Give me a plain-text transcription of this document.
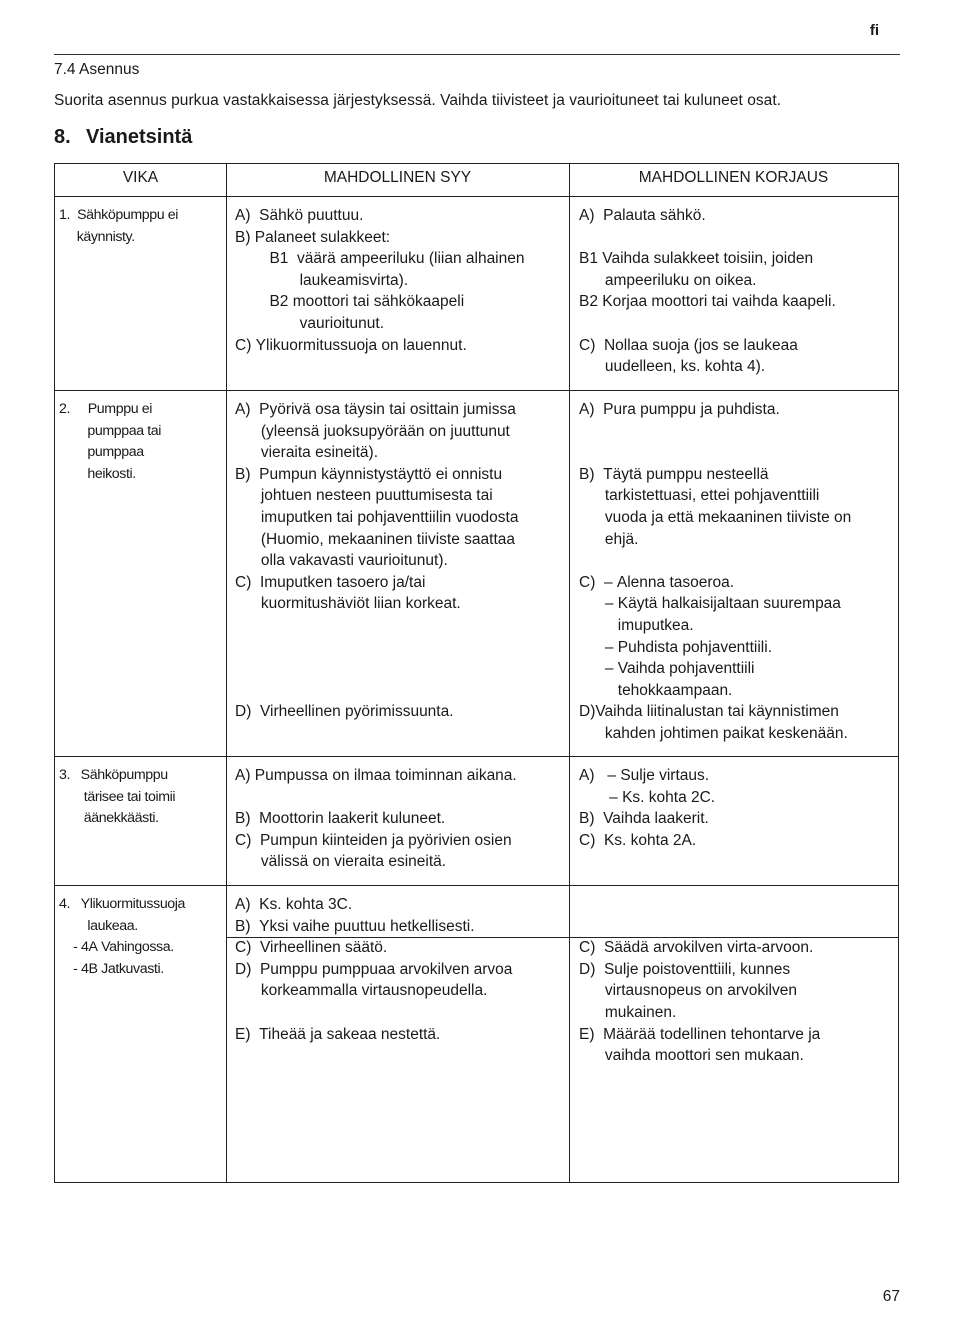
fi
7.4 Asennus
Suorita asennus purkua vastakkaisessa järjestyksessä. Vaihda tiivisteet ja vaurioituneet tai kuluneet osat.
8. Vianetsintä
VIKA	MAHDOLLINEN SYY	MAHDOLLINEN KORJAUS
1.  Sähköpumppu ei
käynnisty.
A)  Sähkö puuttuu.
B) Palaneet sulakkeet:
B1  väärä ampeeriluku (liian alhainen
laukeamisvirta).
B2 moottori tai sähkökaapeli
vaurioitunut.
C) Ylikuormitussuoja on lauennut.
A)  Palauta sähkö.
B1 Vaihda sulakkeet toisiin, joiden
ampeeriluku on oikea.
B2 Korjaa moottori tai vaihda kaapeli.
C)  Nollaa suoja (jos se laukeaa
uudelleen, ks. kohta 4).
2.     Pumppu ei
pumppaa tai
pumppaa
heikosti.
A)  Pyörivä osa täysin tai osittain jumissa
(yleensä juoksupyörään on juuttunut
vieraita esineitä).
B)  Pumpun käynnistystäyttö ei onnistu
johtuen nesteen puuttumisesta tai
imuputken tai pohjaventtiilin vuodosta
(Huomio, mekaaninen tiiviste saattaa
olla vakavasti vaurioitunut).
C)  Imuputken tasoero ja/tai
kuormitushäviöt liian korkeat.
D)  Virheellinen pyörimissuunta.
A)  Pura pumppu ja puhdista.
B)  Täytä pumppu nesteellä
tarkistettuasi, ettei pohjaventtiili
vuoda ja että mekaaninen tiiviste on
ehjä.
C)  – Alenna tasoeroa.
– Käytä halkaisijaltaan suurempaa
imuputkea.
– Puhdista pohjaventtiili.
– Vaihda pohjaventtiili
tehokkaampaan.
D)Vaihda liitinalustan tai käynnistimen
kahden johtimen paikat keskenään.
3.   Sähköpumppu
tärisee tai toimii
äänekkäästi.
A) Pumpussa on ilmaa toiminnan aikana.
B)  Moottorin laakerit kuluneet.
C)  Pumpun kiinteiden ja pyörivien osien
välissä on vieraita esineitä.
A)   – Sulje virtaus.
– Ks. kohta 2C.
B)  Vaihda laakerit.
C)  Ks. kohta 2A.
4.   Ylikuormitussuoja
laukeaa.
- 4A Vahingossa.
- 4B Jatkuvasti.
A)  Ks. kohta 3C.
B)  Yksi vaihe puuttuu hetkellisesti.
C)  Virheellinen säätö.
D)  Pumppu pumppuaa arvokilven arvoa
korkeammalla virtausnopeudella.
E)  Tiheää ja sakeaa nestettä.
C)  Säädä arvokilven virta-arvoon.
D)  Sulje poistoventtiili, kunnes
virtausnopeus on arvokilven
mukainen.
E)  Määrää todellinen tehontarve ja
vaihda moottori sen mukaan.
67
